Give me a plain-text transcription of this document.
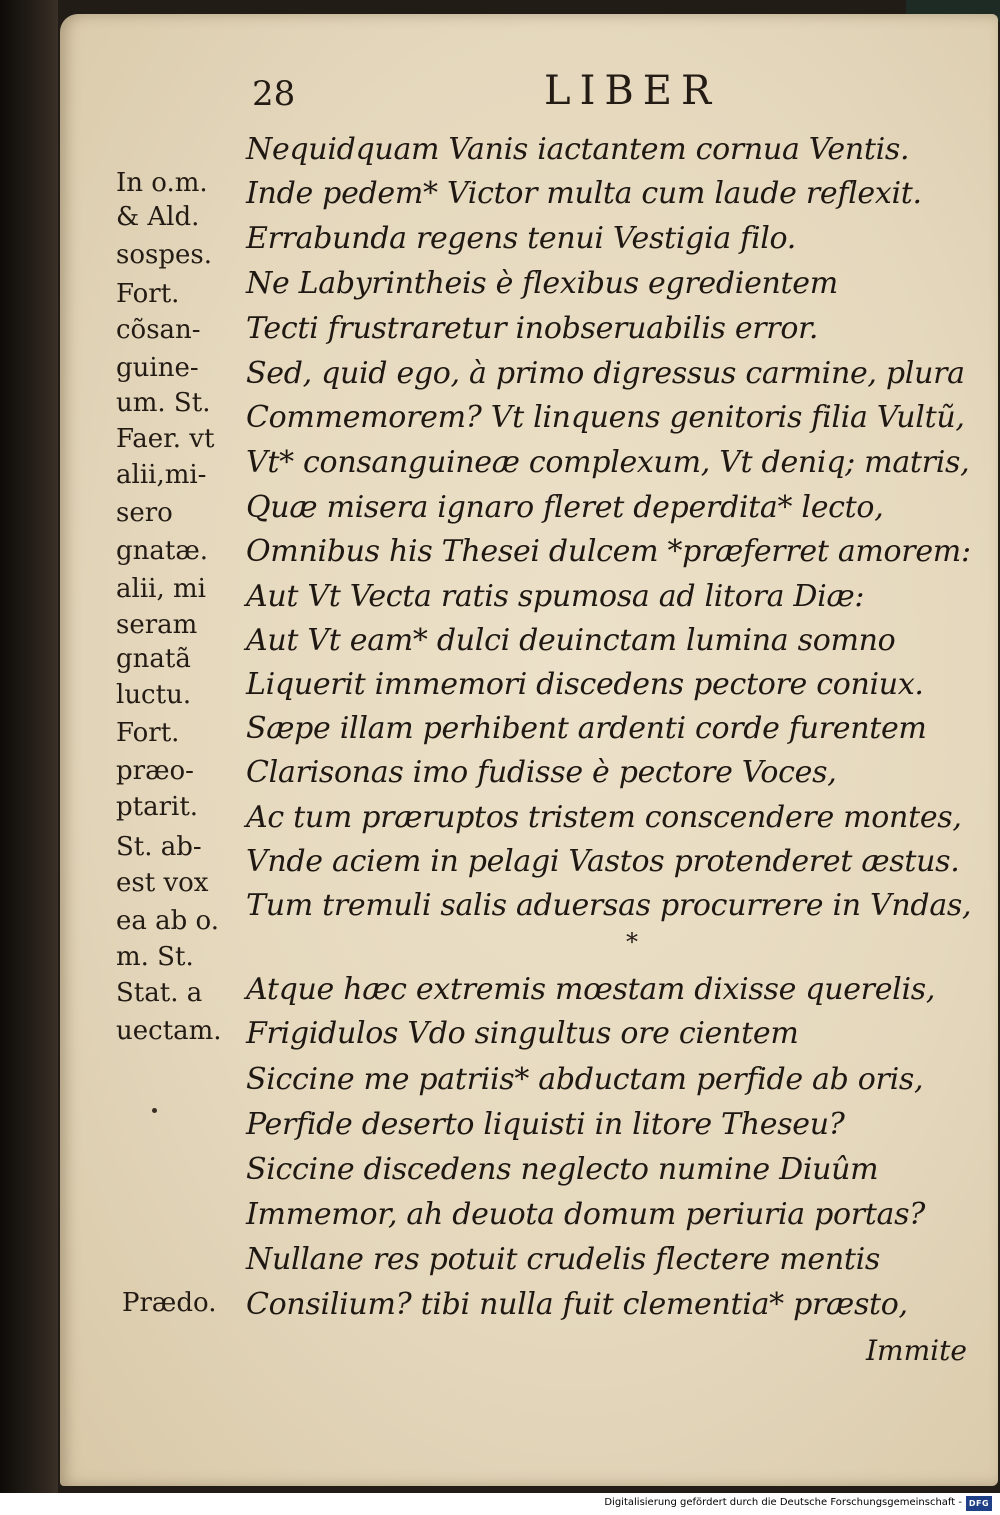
28	LIBER
Nequidquam Vanis iactantem cornua Ventis.
Inde pedem* Victor multa cum laude reflexit.
Errabunda regens tenui Vestigia filo.
Ne Labyrintheis è flexibus egredientem
Tecti frustraretur inobseruabilis error.
Sed, quid ego, à primo digressus carmine, plura
Commemorem? Vt linquens genitoris filia Vultũ,
Vt* consanguineæ complexum, Vt deniq; matris,
Quæ misera ignaro fleret deperdita* lecto,
Omnibus his Thesei dulcem *præferret amorem:
Aut Vt Vecta ratis spumosa ad litora Diæ:
Aut Vt eam* dulci deuinctam lumina somno
Liquerit immemori discedens pectore coniux.
Sæpe illam perhibent ardenti corde furentem
Clarisonas imo fudisse è pectore Voces,
Ac tum præruptos tristem conscendere montes,
Vnde aciem in pelagi Vastos protenderet æstus.
Tum tremuli salis aduersas procurrere in Vndas,
*
Atque hæc extremis mœstam dixisse querelis,
Frigidulos Vdo singultus ore cientem
Siccine me patriis* abductam perfide ab oris,
Perfide deserto liquisti in litore Theseu?
Siccine discedens neglecto numine Diuûm
Immemor, ah deuota domum periuria portas?
Nullane res potuit crudelis flectere mentis
Consilium? tibi nulla fuit clementia* præsto,
Immite
In o.m.
& Ald.
sospes.
Fort.
cõsan-
guine-
um. St.
Faer. vt
alii,mi-
sero
gnatæ.
alii, mi
seram
gnatã
luctu.
Fort.
præo-
ptarit.
St. ab-
est vox
ea ab o.
m. St.
Stat. a
uectam.
Prædo.
Digitalisierung gefördert durch die Deutsche Forschungsgemeinschaft - DFG
